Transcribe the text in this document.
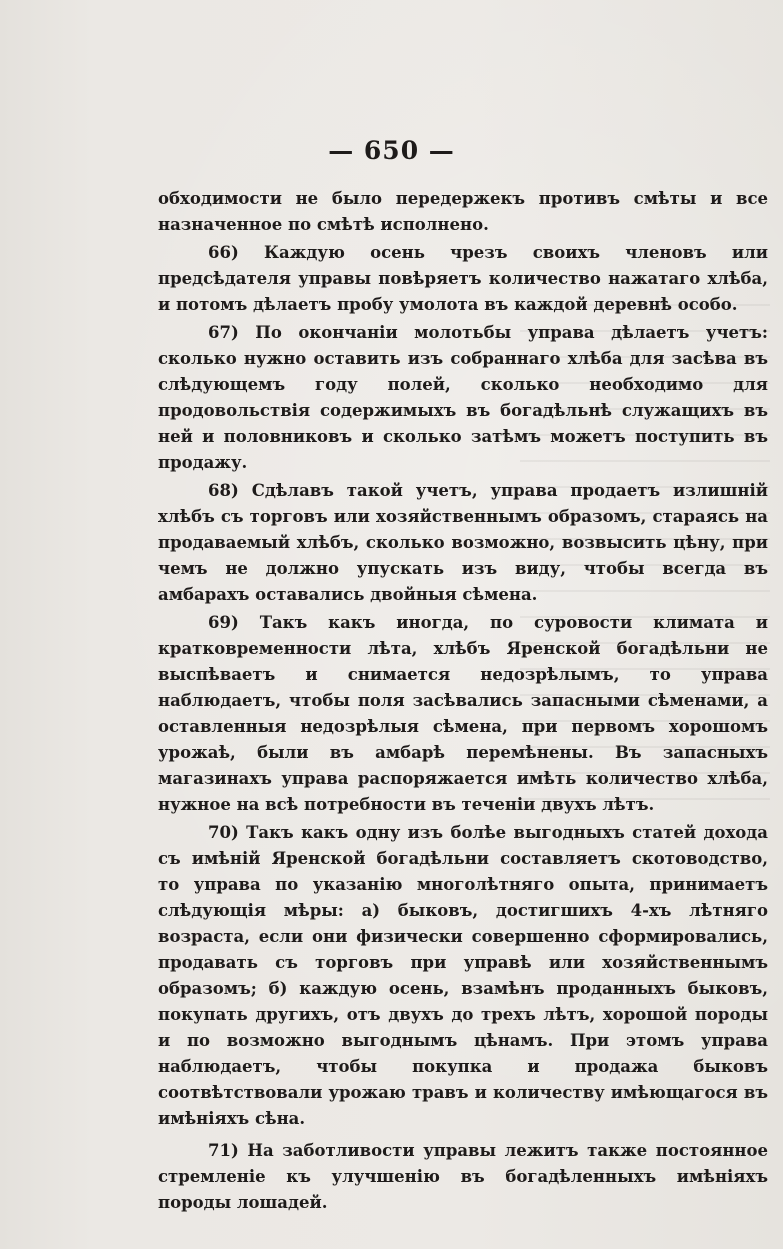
— 650 —

обходимости не было передержекъ противъ смѣты и все назначенное по смѣтѣ исполнено.

66) Каждую осень чрезъ своихъ членовъ или предсѣдателя управы повѣряетъ количество нажатаго хлѣба, и потомъ дѣлаетъ пробу умолота въ каждой деревнѣ особо.

67) По окончаніи молотьбы управа дѣлаетъ учетъ: сколько нужно оставить изъ собраннаго хлѣба для засѣва въ слѣдующемъ году полей, сколько необходимо для продовольствія содержимыхъ въ богадѣльнѣ служащихъ въ ней и половниковъ и сколько затѣмъ можетъ поступить въ продажу.

68) Сдѣлавъ такой учетъ, управа продаетъ излишній хлѣбъ съ торговъ или хозяйственнымъ образомъ, стараясь на продаваемый хлѣбъ, сколько возможно, возвысить цѣну, при чемъ не должно упускать изъ виду, чтобы всегда въ амбарахъ оставались двойныя сѣмена.

69) Такъ какъ иногда, по суровости климата и кратковременности лѣта, хлѣбъ Яренской богадѣльни не выспѣваетъ и снимается недозрѣлымъ, то управа наблюдаетъ, чтобы поля засѣвались запасными сѣменами, а оставленныя недозрѣлыя сѣмена, при первомъ хорошомъ урожаѣ, были въ амбарѣ перемѣнены. Въ запасныхъ магазинахъ управа распоряжается имѣть количество хлѣба, нужное на всѣ потребности въ теченіи двухъ лѣтъ.

70) Такъ какъ одну изъ болѣе выгодныхъ статей дохода съ имѣній Яренской богадѣльни составляетъ скотоводство, то управа по указанію многолѣтняго опыта, принимаетъ слѣдующія мѣры: а) быковъ, достигшихъ 4-хъ лѣтняго возраста, если они физически совершенно сформировались, продавать съ торговъ при управѣ или хозяйственнымъ образомъ; б) каждую осень, взамѣнъ проданныхъ быковъ, покупать другихъ, отъ двухъ до трехъ лѣтъ, хорошой породы и по возможно выгоднымъ цѣнамъ. При этомъ управа наблюдаетъ, чтобы покупка и продажа быковъ соотвѣтствовали урожаю травъ и количеству имѣющагося въ имѣніяхъ сѣна.

71) На заботливости управы лежитъ также постоянное стремленіе къ улучшенію въ богадѣленныхъ имѣніяхъ породы лошадей.
